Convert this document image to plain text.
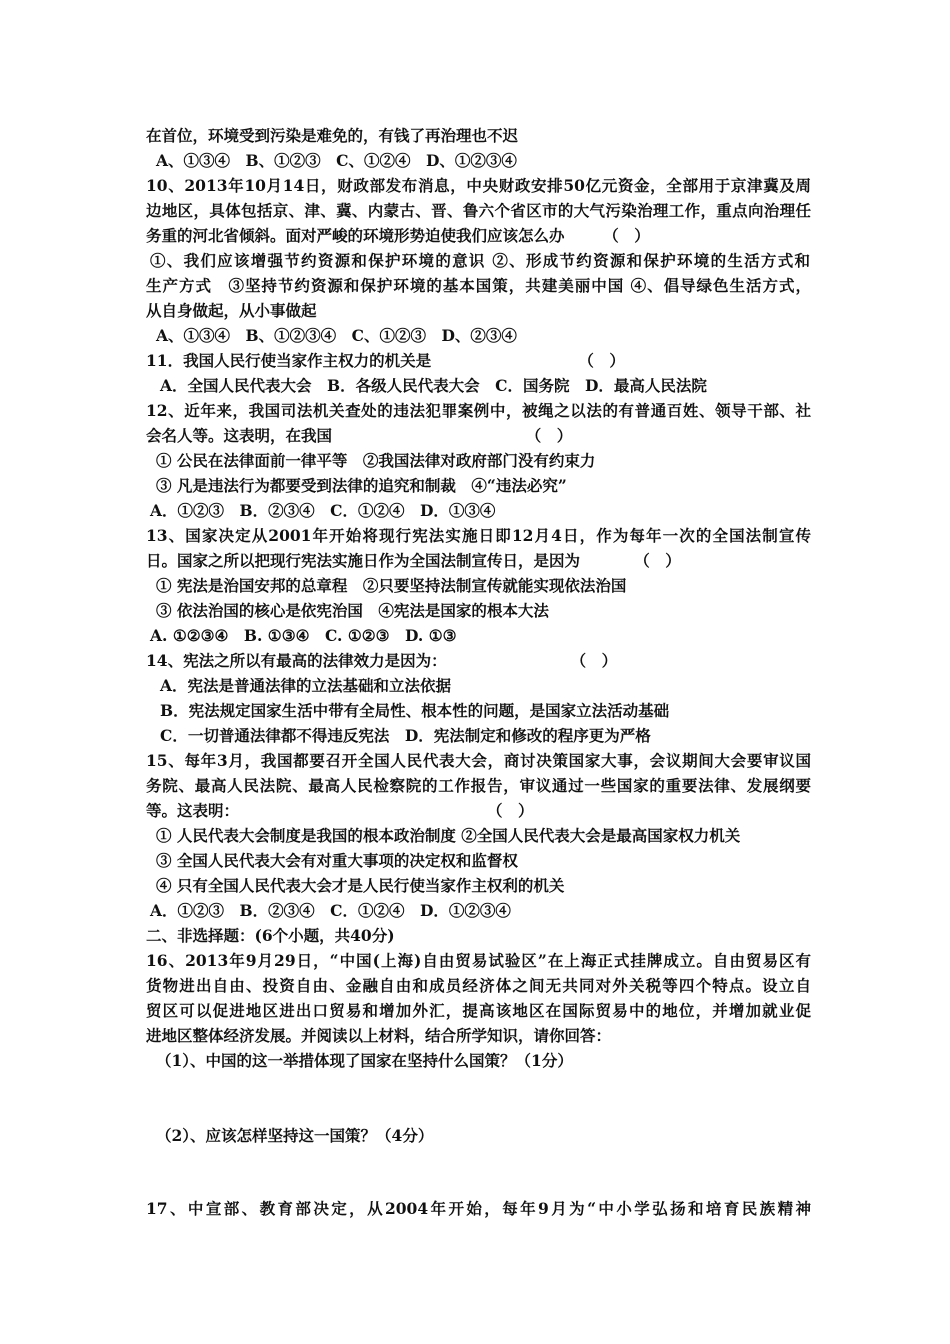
在首位，环境受到污染是难免的，有钱了再治理也不迟
A、①③④　B、①②③　C、①②④　D、①②③④
10、2013年10月14日，财政部发布消息，中央财政安排50亿元资金，全部用于京津冀及周
边地区，具体包括京、津、冀、内蒙古、晋、鲁六个省区市的大气污染治理工作，重点向治理任
务重的河北省倾斜。面对严峻的环境形势迫使我们应该怎么办　　　（　）
①、我们应该增强节约资源和保护环境的意识 ②、形成节约资源和保护环境的生活方式和
生产方式　③坚持节约资源和保护环境的基本国策，共建美丽中国 ④、倡导绿色生活方式，
从自身做起，从小事做起
A、①③④　B、①②③④　C、①②③　D、②③④
11．我国人民行使当家作主权力的机关是　　　　　　　　　　（　）
A．全国人民代表大会　B．各级人民代表大会　C．国务院　D．最高人民法院
12、近年来，我国司法机关查处的违法犯罪案例中，被绳之以法的有普通百姓、领导干部、社
会名人等。这表明，在我国　　　　　　　　　　　　　（　）
① 公民在法律面前一律平等　②我国法律对政府部门没有约束力
③ 凡是违法行为都要受到法律的追究和制裁　④“违法必究”
A．①②③　B．②③④　C．①②④　D．①③④
13、国家决定从2001年开始将现行宪法实施日即12月4日，作为每年一次的全国法制宣传
日。国家之所以把现行宪法实施日作为全国法制宣传日，是因为　　　　（　）
① 宪法是治国安邦的总章程　②只要坚持法制宣传就能实现依法治国
③ 依法治国的核心是依宪治国　④宪法是国家的根本大法
A. ①②③④　B. ①③④　C. ①②③　D. ①③
14、宪法之所以有最高的法律效力是因为：　　　　　　　　　（　）
A．宪法是普通法律的立法基础和立法依据
B．宪法规定国家生活中带有全局性、根本性的问题，是国家立法活动基础
C．一切普通法律都不得违反宪法　D．宪法制定和修改的程序更为严格
15、每年3月，我国都要召开全国人民代表大会，商讨决策国家大事，会议期间大会要审议国
务院、最高人民法院、最高人民检察院的工作报告，审议通过一些国家的重要法律、发展纲要
等。这表明：　　　　　　　　　　　　　　　　　（　）
① 人民代表大会制度是我国的根本政治制度 ②全国人民代表大会是最高国家权力机关
③ 全国人民代表大会有对重大事项的决定权和监督权
④ 只有全国人民代表大会才是人民行使当家作主权利的机关
A．①②③　B．②③④　C．①②④　D．①②③④
二、非选择题：(6个小题，共40分)
16、2013年9月29日，“中国(上海)自由贸易试验区”在上海正式挂牌成立。自由贸易区有
货物进出自由、投资自由、金融自由和成员经济体之间无共同对外关税等四个特点。设立自
贸区可以促进地区进出口贸易和增加外汇，提高该地区在国际贸易中的地位，并增加就业促
进地区整体经济发展。并阅读以上材料，结合所学知识，请你回答：
（1）、中国的这一举措体现了国家在坚持什么国策？（1分）
（2）、应该怎样坚持这一国策？（4分）
17、中宣部、教育部决定，从2004年开始，每年9月为“中小学弘扬和培育民族精神
